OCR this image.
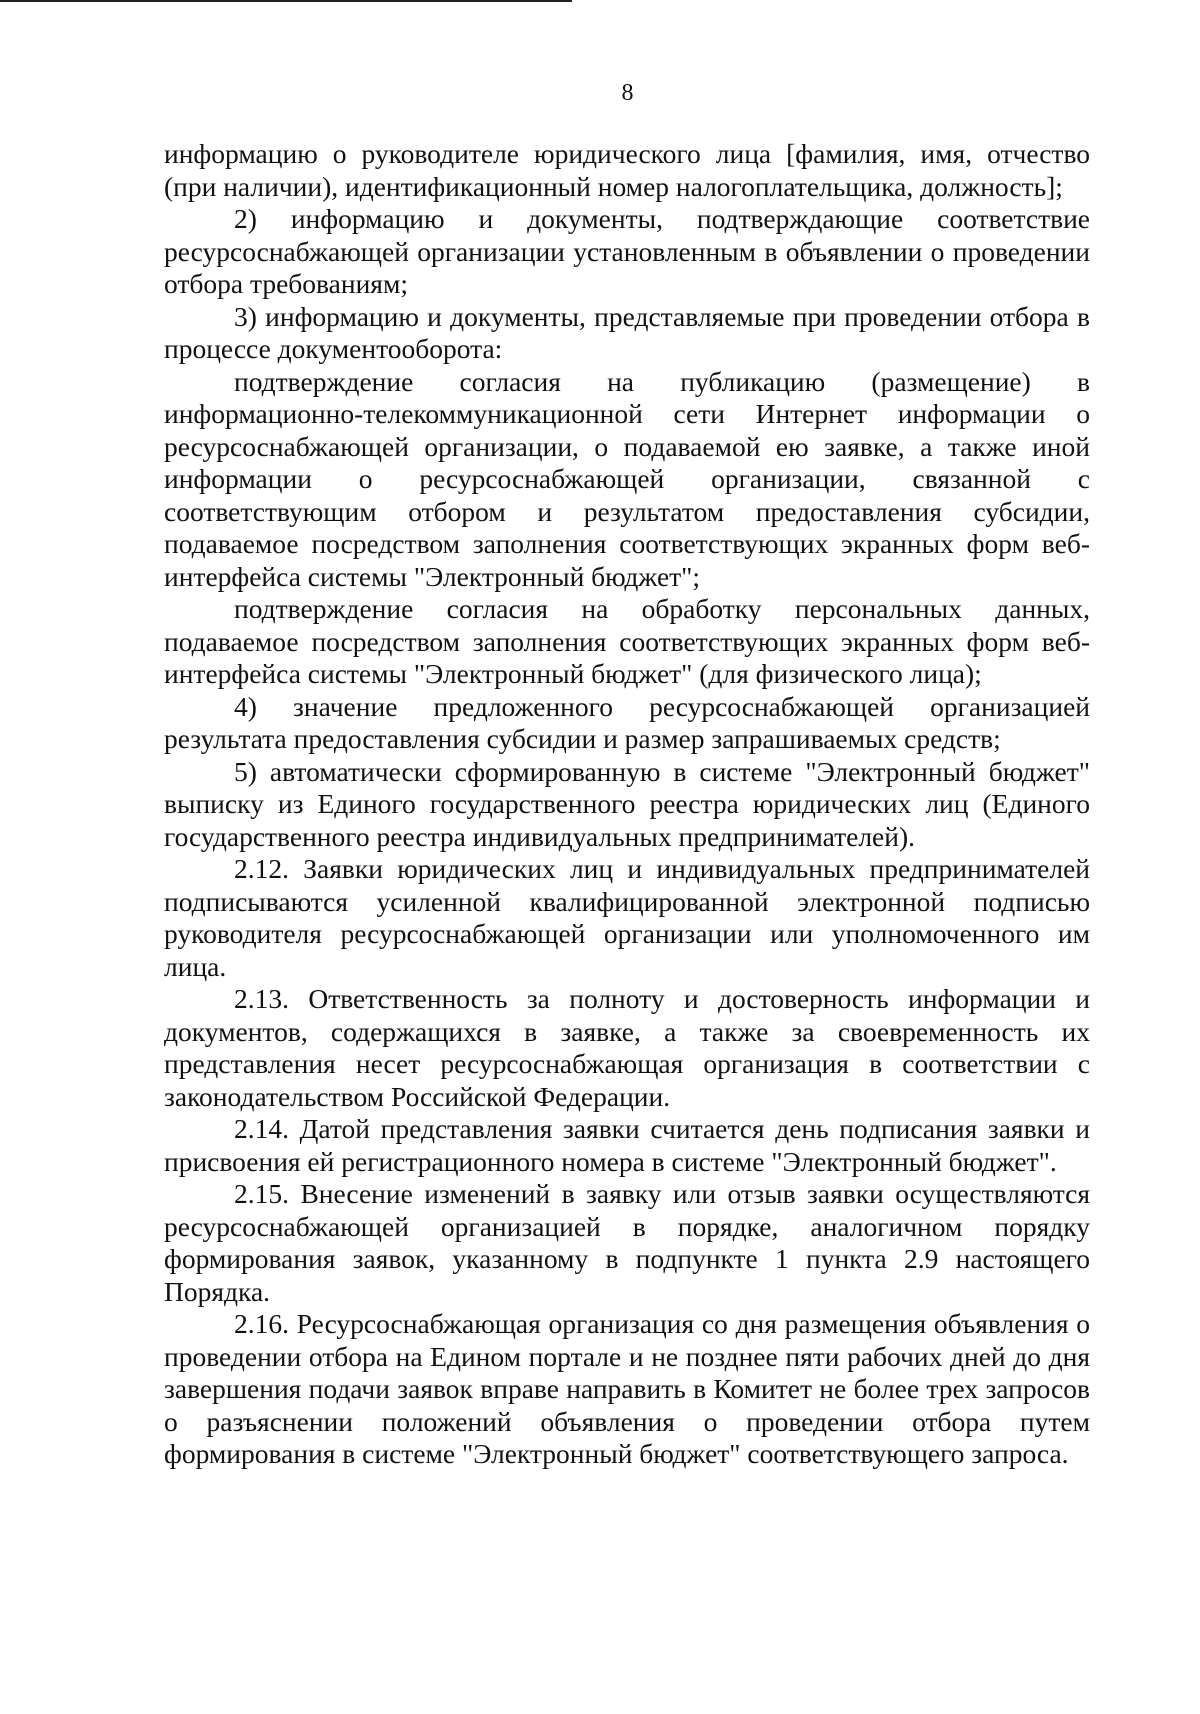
8

информацию о руководителе юридического лица [фамилия, имя, отчество (при наличии), идентификационный номер налогоплательщика, должность];

2) информацию и документы, подтверждающие соответствие ресурсоснабжающей организации установленным в объявлении о проведении отбора требованиям;

3) информацию и документы, представляемые при проведении отбора в процессе документооборота:

подтверждение согласия на публикацию (размещение) в информационно-телекоммуникационной сети Интернет информации о ресурсоснабжающей организации, о подаваемой ею заявке, а также иной информации о ресурсоснабжающей организации, связанной с соответствующим отбором и результатом предоставления субсидии, подаваемое посредством заполнения соответствующих экранных форм веб-интерфейса системы "Электронный бюджет";

подтверждение согласия на обработку персональных данных, подаваемое посредством заполнения соответствующих экранных форм веб-интерфейса системы "Электронный бюджет" (для физического лица);

4) значение предложенного ресурсоснабжающей организацией результата предоставления субсидии и размер запрашиваемых средств;

5) автоматически сформированную в системе "Электронный бюджет" выписку из Единого государственного реестра юридических лиц (Единого государственного реестра индивидуальных предпринимателей).

2.12. Заявки юридических лиц и индивидуальных предпринимателей подписываются усиленной квалифицированной электронной подписью руководителя ресурсоснабжающей организации или уполномоченного им лица.

2.13. Ответственность за полноту и достоверность информации и документов, содержащихся в заявке, а также за своевременность их представления несет ресурсоснабжающая организация в соответствии с законодательством Российской Федерации.

2.14. Датой представления заявки считается день подписания заявки и присвоения ей регистрационного номера в системе "Электронный бюджет".

2.15. Внесение изменений в заявку или отзыв заявки осуществляются ресурсоснабжающей организацией в порядке, аналогичном порядку формирования заявок, указанному в подпункте 1 пункта 2.9 настоящего Порядка.

2.16. Ресурсоснабжающая организация со дня размещения объявления о проведении отбора на Едином портале и не позднее пяти рабочих дней до дня завершения подачи заявок вправе направить в Комитет не более трех запросов о разъяснении положений объявления о проведении отбора путем формирования в системе "Электронный бюджет" соответствующего запроса.
